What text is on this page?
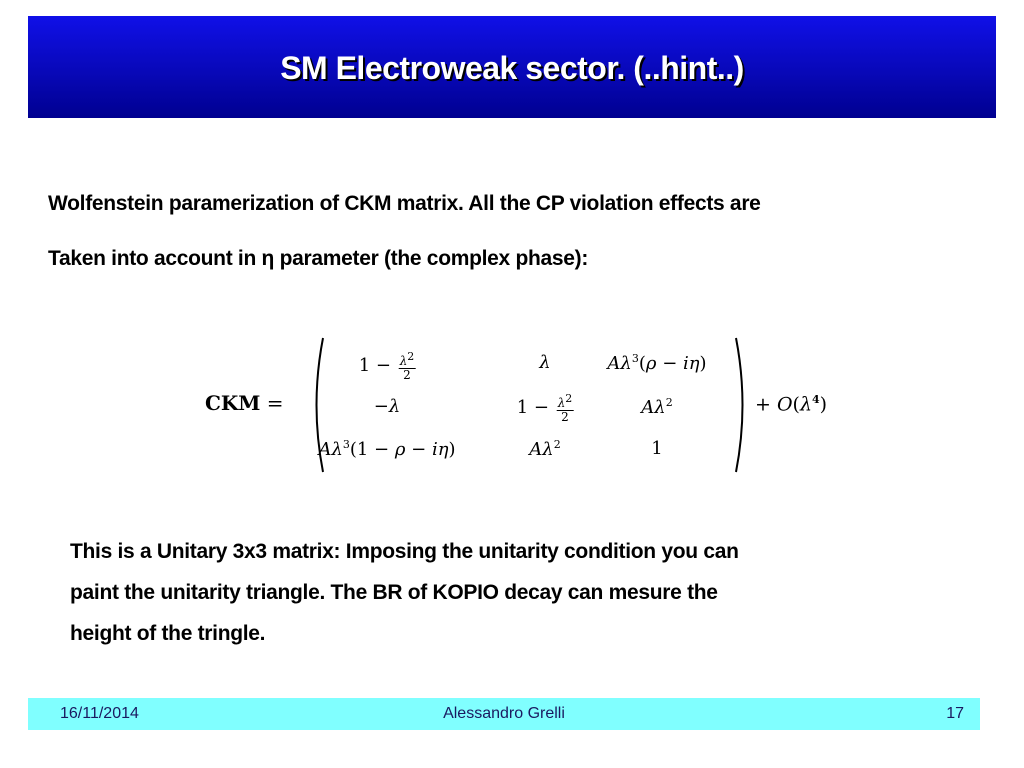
SM Electroweak sector. (..hint..)
Wolfenstein paramerization of CKM matrix. All the CP violation effects are
Taken into account in η parameter (the complex phase):
CKM =
$1 - \frac{\lambda^2}{2}$	λ	$A\lambda^3(\rho - i\eta)$
−λ	$1 - \frac{\lambda^2}{2}$	$A\lambda^2$
$A\lambda^3(1 - \rho - i\eta)$	$A\lambda^2$	1
+ $O(\lambda^4)$
This is a Unitary 3x3 matrix: Imposing the unitarity condition you can
paint the unitarity triangle. The BR of KOPIO decay can mesure the
height of the tringle.
16/11/2014	Alessandro Grelli	17
